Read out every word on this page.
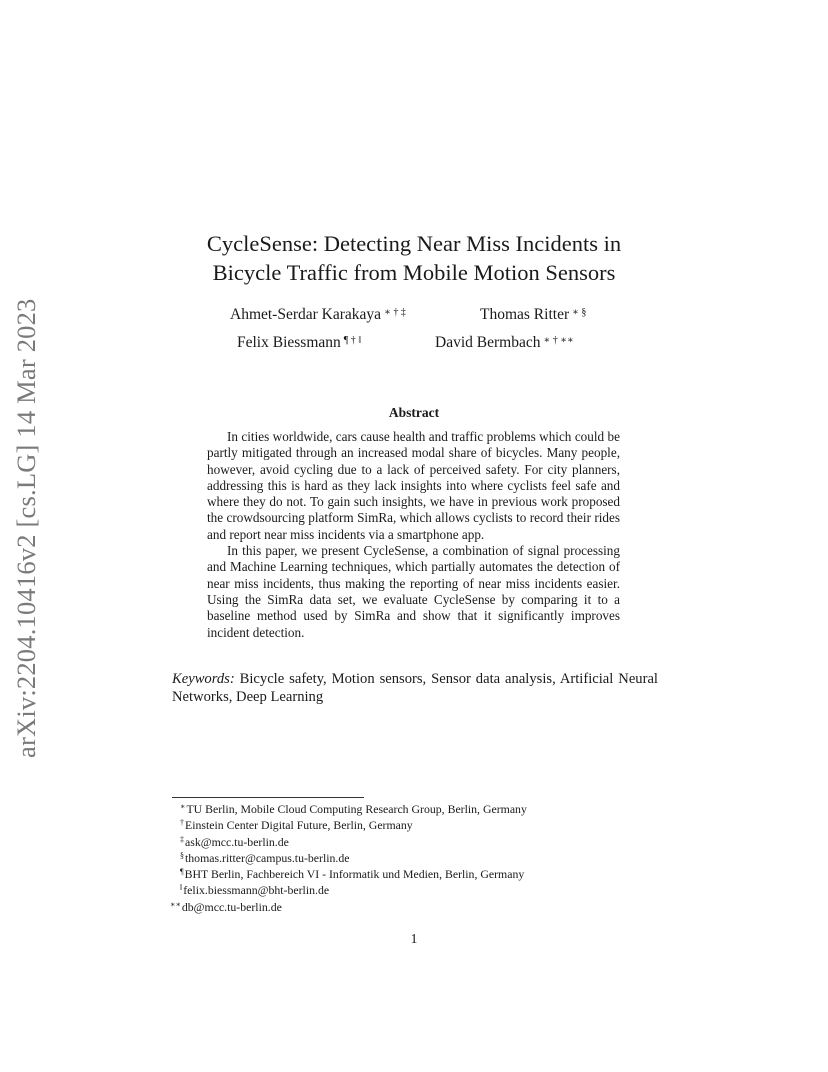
arXiv:2204.10416v2 [cs.LG] 14 Mar 2023
CycleSense: Detecting Near Miss Incidents in
Bicycle Traffic from Mobile Motion Sensors
Ahmet-Serdar Karakaya ∗ † ‡	Thomas Ritter ∗ §
Felix Biessmann ¶ † ‖	David Bermbach ∗ † ∗∗
Abstract

In cities worldwide, cars cause health and traffic problems which could be partly mitigated through an increased modal share of bicycles. Many people, however, avoid cycling due to a lack of perceived safety. For city planners, addressing this is hard as they lack insights into where cyclists feel safe and where they do not. To gain such insights, we have in previous work proposed the crowdsourcing platform SimRa, which allows cyclists to record their rides and report near miss incidents via a smartphone app.

In this paper, we present CycleSense, a combination of signal processing and Machine Learning techniques, which partially automates the detection of near miss incidents, thus making the reporting of near miss incidents easier. Using the SimRa data set, we evaluate CycleSense by comparing it to a baseline method used by SimRa and show that it significantly improves incident detection.

Keywords: Bicycle safety, Motion sensors, Sensor data analysis, Artificial Neural Networks, Deep Learning
∗TU Berlin, Mobile Cloud Computing Research Group, Berlin, Germany
†Einstein Center Digital Future, Berlin, Germany
‡ask@mcc.tu-berlin.de
§thomas.ritter@campus.tu-berlin.de
¶BHT Berlin, Fachbereich VI - Informatik und Medien, Berlin, Germany
‖felix.biessmann@bht-berlin.de
∗∗db@mcc.tu-berlin.de
1
